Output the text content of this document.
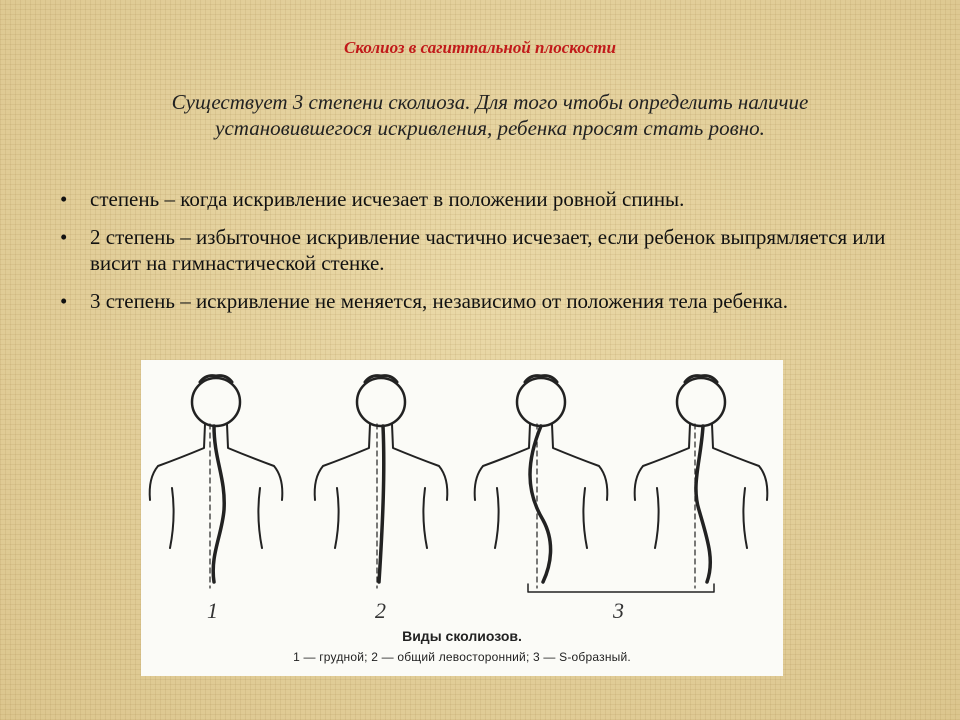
Сколиоз в сагиттальной плоскости
Существует 3 степени сколиоза. Для того чтобы определить наличие установившегося искривления, ребенка просят стать ровно.
• степень – когда искривление исчезает в положении ровной спины.
• 2 степень – избыточное искривление частично исчезает, если ребенок выпрямляется или висит на гимнастической стенке.
• 3 степень – искривление не меняется, независимо от положения тела ребенка.
1	2	3
Виды сколиозов.
1 — грудной; 2 — общий левосторонний; 3 — S-образный.
